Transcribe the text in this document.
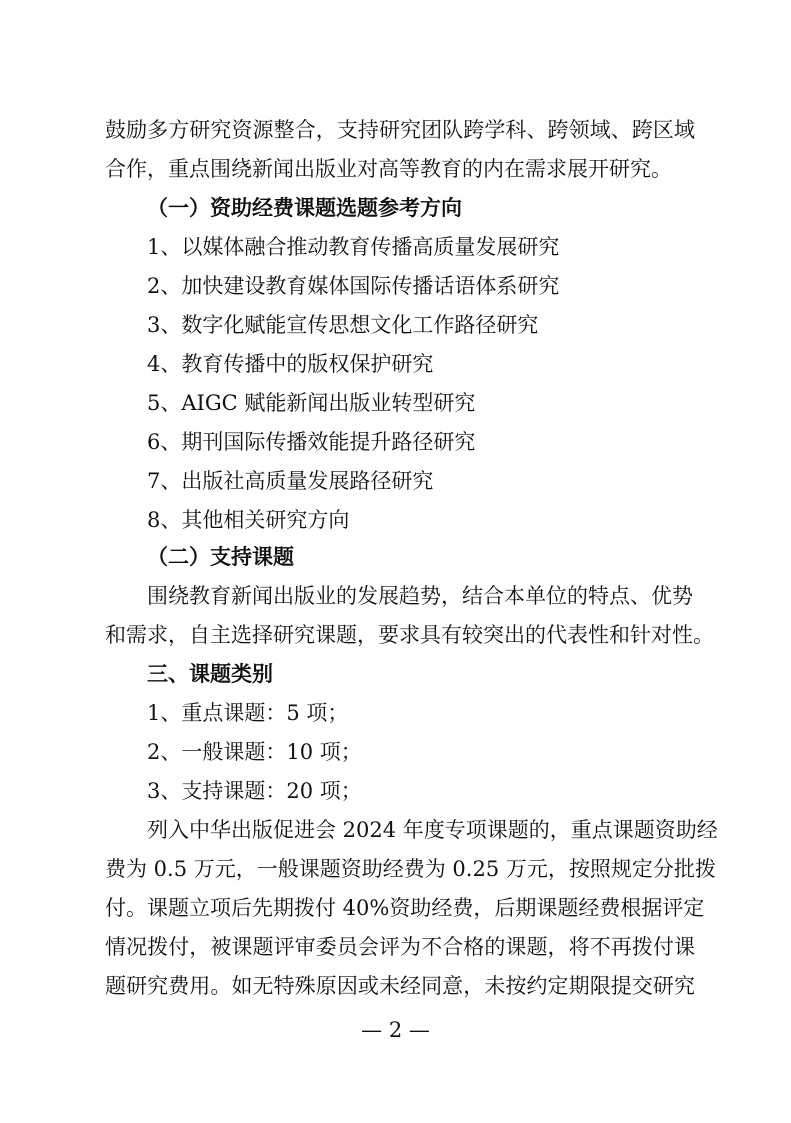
鼓励多方研究资源整合，支持研究团队跨学科、跨领域、跨区域
合作，重点围绕新闻出版业对高等教育的内在需求展开研究。
（一）资助经费课题选题参考方向
1、以媒体融合推动教育传播高质量发展研究
2、加快建设教育媒体国际传播话语体系研究
3、数字化赋能宣传思想文化工作路径研究
4、教育传播中的版权保护研究
5、AIGC 赋能新闻出版业转型研究
6、期刊国际传播效能提升路径研究
7、出版社高质量发展路径研究
8、其他相关研究方向
（二）支持课题
围绕教育新闻出版业的发展趋势，结合本单位的特点、优势
和需求，自主选择研究课题，要求具有较突出的代表性和针对性。
三、课题类别
1、重点课题：5 项；
2、一般课题：10 项；
3、支持课题：20 项；
列入中华出版促进会 2024 年度专项课题的，重点课题资助经
费为 0.5 万元，一般课题资助经费为 0.25 万元，按照规定分批拨
付。课题立项后先期拨付 40%资助经费，后期课题经费根据评定
情况拨付，被课题评审委员会评为不合格的课题，将不再拨付课
题研究费用。如无特殊原因或未经同意，未按约定期限提交研究
— 2 —
